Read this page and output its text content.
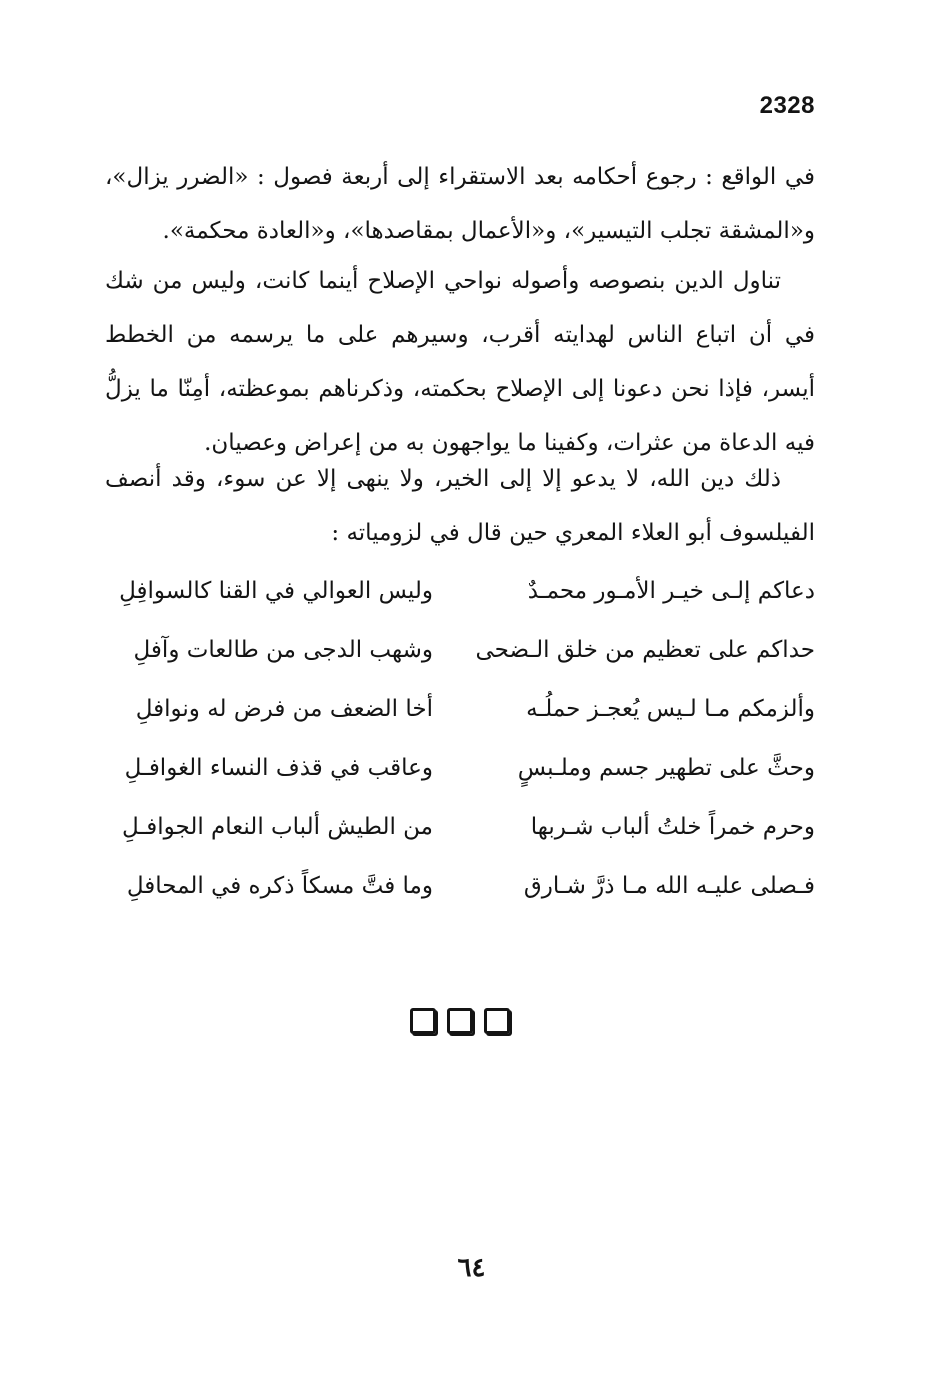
2328

في الواقع : رجوع أحكامه بعد الاستقراء إلى أربعة فصول : «الضرر يزال»، و«المشقة تجلب التيسير»، و«الأعمال بمقاصدها»، و«العادة محكمة».

تناول الدين بنصوصه وأصوله نواحي الإصلاح أينما كانت، وليس من شك في أن اتباع الناس لهدايته أقرب، وسيرهم على ما يرسمه من الخطط أيسر، فإذا نحن دعونا إلى الإصلاح بحكمته، وذكرناهم بموعظته، أمِنّا ما يزلُّ فيه الدعاة من عثرات، وكفينا ما يواجهون به من إعراض وعصيان.

ذلك دين الله، لا يدعو إلا إلى الخير، ولا ينهى إلا عن سوء، وقد أنصف الفيلسوف أبو العلاء المعري حين قال في لزومياته :

دعاكم إلـى خيـر الأمـور محمـدٌ
وليس العوالي في القنا كالسوافِلِ
حداكم على تعظيم من خلق الـضحى
وشهب الدجى من طالعات وآفلِ
وألزمكم مـا لـيس يُعجـز حملُـه
أخا الضعف من فرض له ونوافلِ
وحثَّ على تطهير جسم وملـبسٍ
وعاقب في قذف النساء الغوافـلِ
وحرم خمراً خلتُ ألباب شـربها
من الطيش ألباب النعام الجوافـلِ
فـصلى عليـه الله مـا ذرَّ شـارق
وما فتَّ مسكاً ذكره في المحافلِ
٦٤
